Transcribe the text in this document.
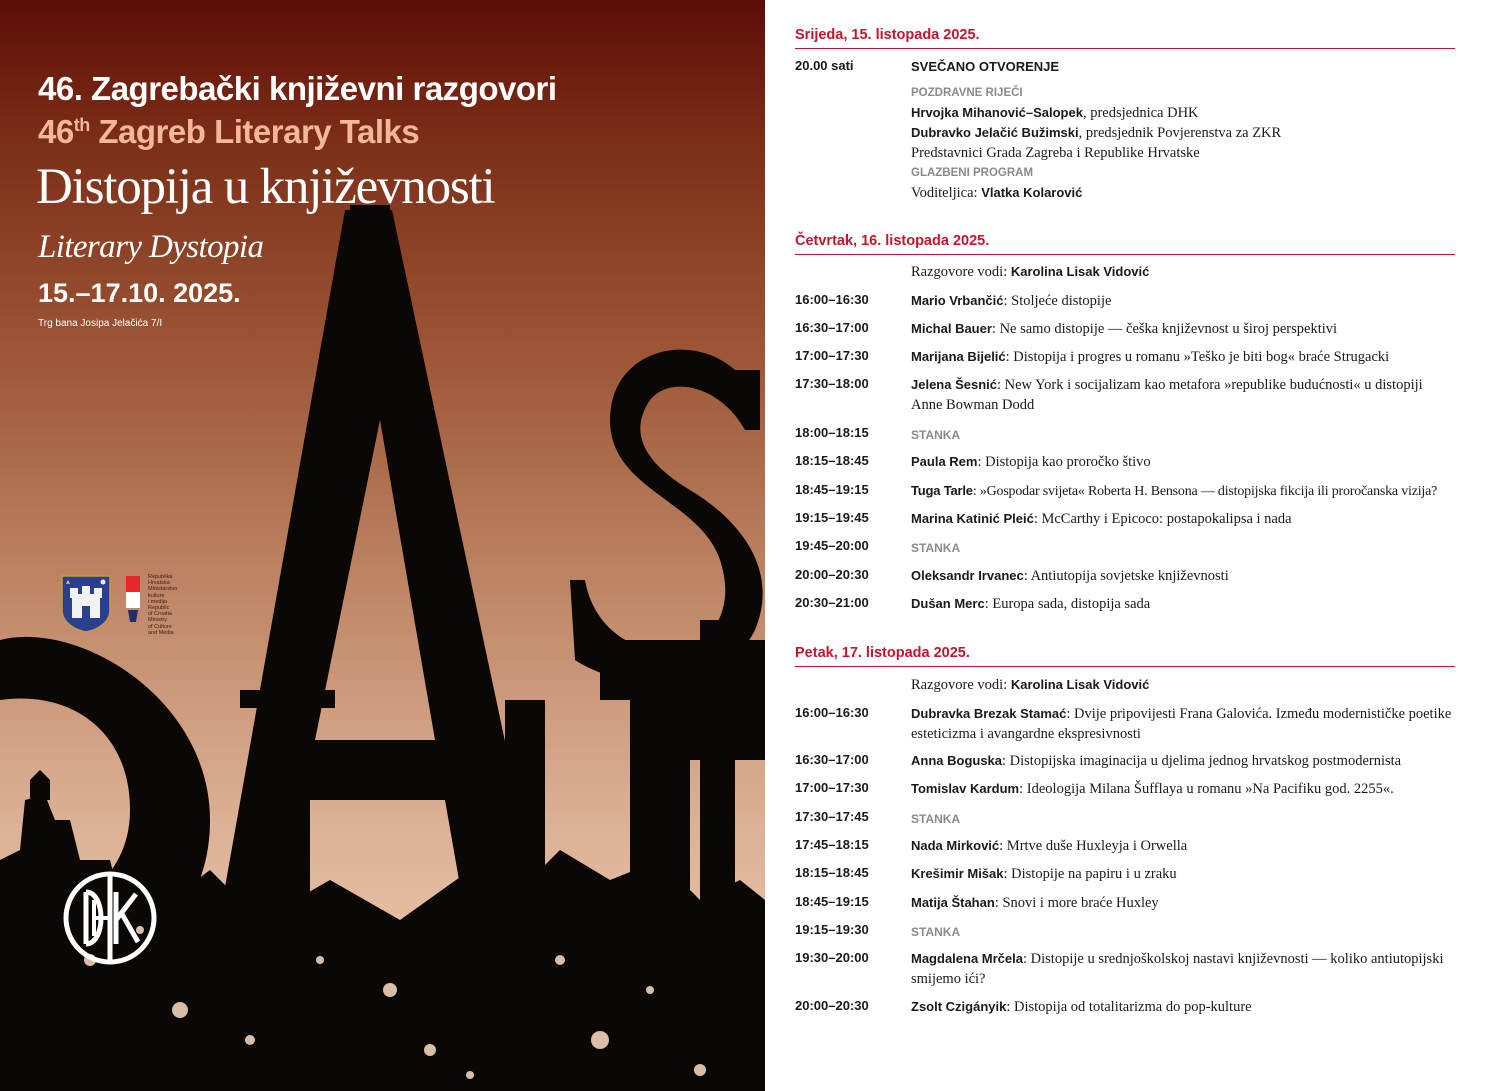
46. Zagrebački književni razgovori
46th Zagreb Literary Talks
Distopija u književnosti
Literary Dystopia
15.–17.10. 2025.
Trg bana Josipa Jelačića 7/I
Republika
Hrvatska
Ministarstvo
kulture
i medija
Republic
of Croatia
Ministry
of Culture
and Media
Srijeda, 15. listopada 2025.
20.00 sati	SVEČANO OTVORENJE
POZDRAVNE RIJEČI
Hrvojka Mihanović–Salopek, predsjednica DHK
Dubravko Jelačić Bužimski, predsjednik Povjerenstva za ZKR
Predstavnici Grada Zagreba i Republike Hrvatske
GLAZBENI PROGRAM
Voditeljica: Vlatka Kolarović
Četvrtak, 16. listopada 2025.
Razgovore vodi: Karolina Lisak Vidović
16:00–16:30	Mario Vrbančić: Stoljeće distopije
16:30–17:00	Michal Bauer: Ne samo distopije — češka književnost u široj perspektivi
17:00–17:30	Marijana Bijelić: Distopija i progres u romanu »Teško je biti bog« braće Strugacki
17:30–18:00	Jelena Šesnić: New York i socijalizam kao metafora »republike budućnosti« u distopiji Anne Bowman Dodd
18:00–18:15	STANKA
18:15–18:45	Paula Rem: Distopija kao proročko štivo
18:45–19:15	Tuga Tarle: »Gospodar svijeta« Roberta H. Bensona — distopijska fikcija ili proročanska vizija?
19:15–19:45	Marina Katinić Pleić: McCarthy i Epicoco: postapokalipsa i nada
19:45–20:00	STANKA
20:00–20:30	Oleksandr Irvanec: Antiutopija sovjetske književnosti
20:30–21:00	Dušan Merc: Europa sada, distopija sada
Petak, 17. listopada 2025.
Razgovore vodi: Karolina Lisak Vidović
16:00–16:30	Dubravka Brezak Stamać: Dvije pripovijesti Frana Galovića. Između modernističke poetike esteticizma i avangardne ekspresivnosti
16:30–17:00	Anna Boguska: Distopijska imaginacija u djelima jednog hrvatskog postmodernista
17:00–17:30	Tomislav Kardum: Ideologija Milana Šufflaya u romanu »Na Pacifiku god. 2255«.
17:30–17:45	STANKA
17:45–18:15	Nada Mirković: Mrtve duše Huxleyja i Orwella
18:15–18:45	Krešimir Mišak: Distopije na papiru i u zraku
18:45–19:15	Matija Štahan: Snovi i more braće Huxley
19:15–19:30	STANKA
19:30–20:00	Magdalena Mrčela: Distopije u srednjoškolskoj nastavi književnosti — koliko antiutopijski smijemo ići?
20:00–20:30	Zsolt Czigányik: Distopija od totalitarizma do pop-kulture
